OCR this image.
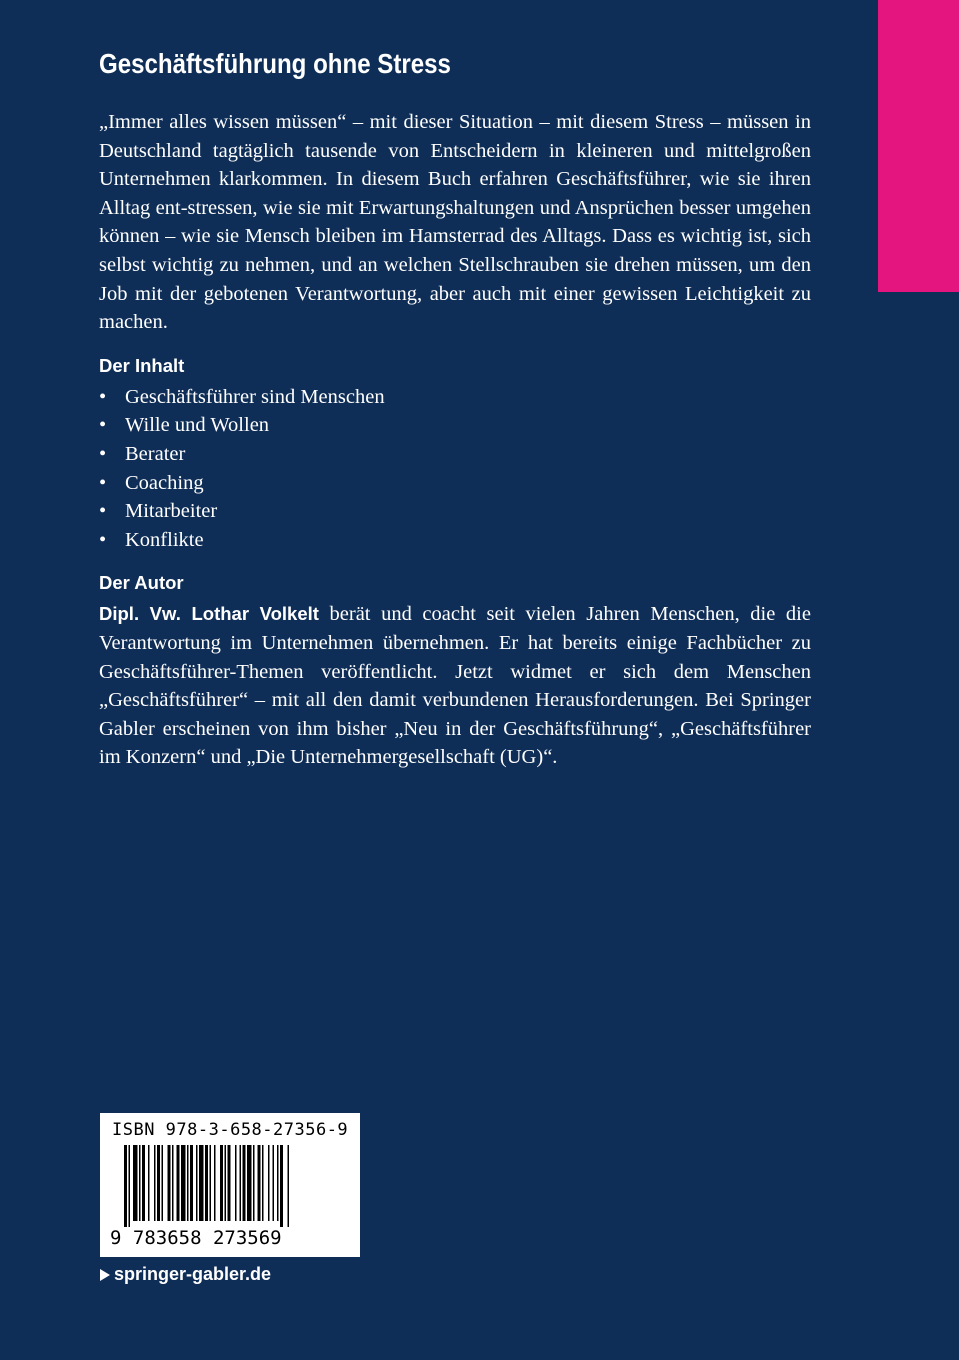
Geschäftsführung ohne Stress

„Immer alles wissen müssen“ – mit dieser Situation – mit diesem Stress – müssen in Deutschland tagtäglich tausende von Entscheidern in kleineren und mittelgroßen Unternehmen klarkommen. In diesem Buch erfahren Geschäftsführer, wie sie ihren Alltag ent-stressen, wie sie mit Erwartungshaltungen und Ansprüchen besser umgehen können – wie sie Mensch bleiben im Hamsterrad des Alltags. Dass es wichtig ist, sich selbst wichtig zu nehmen, und an welchen Stellschrauben sie drehen müssen, um den Job mit der gebotenen Verantwortung, aber auch mit einer gewissen Leichtigkeit zu machen.

Der Inhalt
• Geschäftsführer sind Menschen
• Wille und Wollen
• Berater
• Coaching
• Mitarbeiter
• Konflikte
Der Autor

Dipl. Vw. Lothar Volkelt berät und coacht seit vielen Jahren Menschen, die die Verantwortung im Unternehmen übernehmen. Er hat bereits einige Fachbücher zu Geschäftsführer-Themen veröffentlicht. Jetzt widmet er sich dem Menschen „Geschäftsführer“ – mit all den damit verbundenen Herausforderungen. Bei Springer Gabler erscheinen von ihm bisher „Neu in der Geschäftsführung“, „Geschäftsführer im Konzern“ und „Die Unternehmergesellschaft (UG)“.

ISBN 978-3-658-27356-9
9 783658 273569
springer-gabler.de
